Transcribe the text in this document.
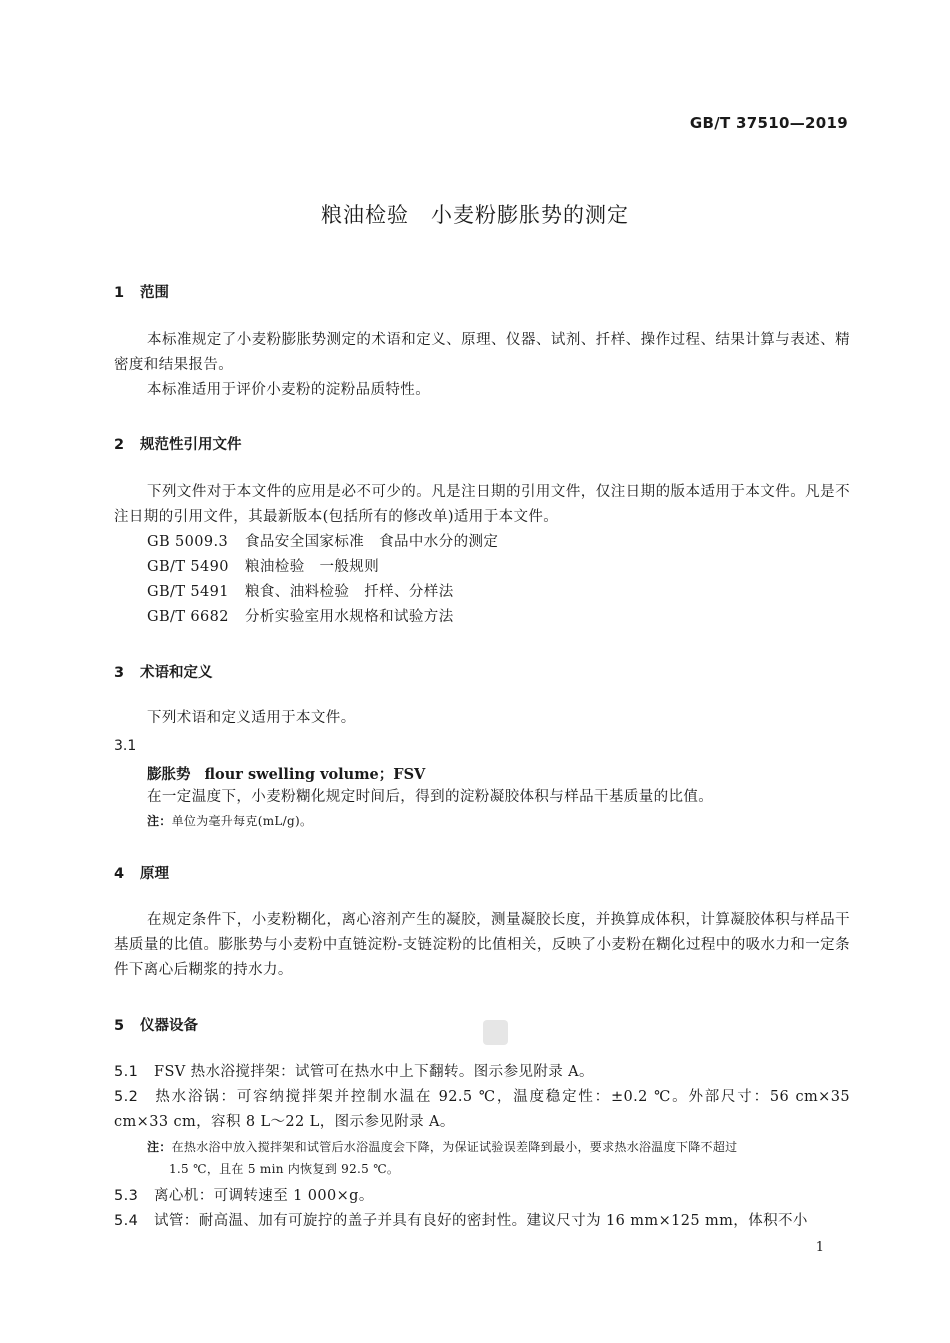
GB/T 37510—2019
粮油检验　小麦粉膨胀势的测定
1 范围

本标准规定了小麦粉膨胀势测定的术语和定义、原理、仪器、试剂、扦样、操作过程、结果计算与表述、精密度和结果报告。

本标准适用于评价小麦粉的淀粉品质特性。

2 规范性引用文件

下列文件对于本文件的应用是必不可少的。凡是注日期的引用文件，仅注日期的版本适用于本文件。凡是不注日期的引用文件，其最新版本(包括所有的修改单)适用于本文件。

GB 5009.3 食品安全国家标准　食品中水分的测定

GB/T 5490 粮油检验　一般规则

GB/T 5491 粮食、油料检验　扦样、分样法

GB/T 6682 分析实验室用水规格和试验方法

3 术语和定义

下列术语和定义适用于本文件。

3.1

膨胀势 flour swelling volume；FSV

在一定温度下，小麦粉糊化规定时间后，得到的淀粉凝胶体积与样品干基质量的比值。

注：单位为毫升每克(mL/g)。

4 原理

在规定条件下，小麦粉糊化，离心溶剂产生的凝胶，测量凝胶长度，并换算成体积，计算凝胶体积与样品干基质量的比值。膨胀势与小麦粉中直链淀粉-支链淀粉的比值相关，反映了小麦粉在糊化过程中的吸水力和一定条件下离心后糊浆的持水力。

5 仪器设备

5.1 FSV 热水浴搅拌架：试管可在热水中上下翻转。图示参见附录 A。

5.2 热水浴锅：可容纳搅拌架并控制水温在 92.5 ℃，温度稳定性：±0.2 ℃。外部尺寸：56 cm×35 cm×33 cm，容积 8 L～22 L，图示参见附录 A。

注：在热水浴中放入搅拌架和试管后水浴温度会下降，为保证试验误差降到最小，要求热水浴温度下降不超过
1.5 ℃，且在 5 min 内恢复到 92.5 ℃。

5.3 离心机：可调转速至 1 000×g。

5.4 试管：耐高温、加有可旋拧的盖子并具有良好的密封性。建议尺寸为 16 mm×125 mm，体积不小

1
